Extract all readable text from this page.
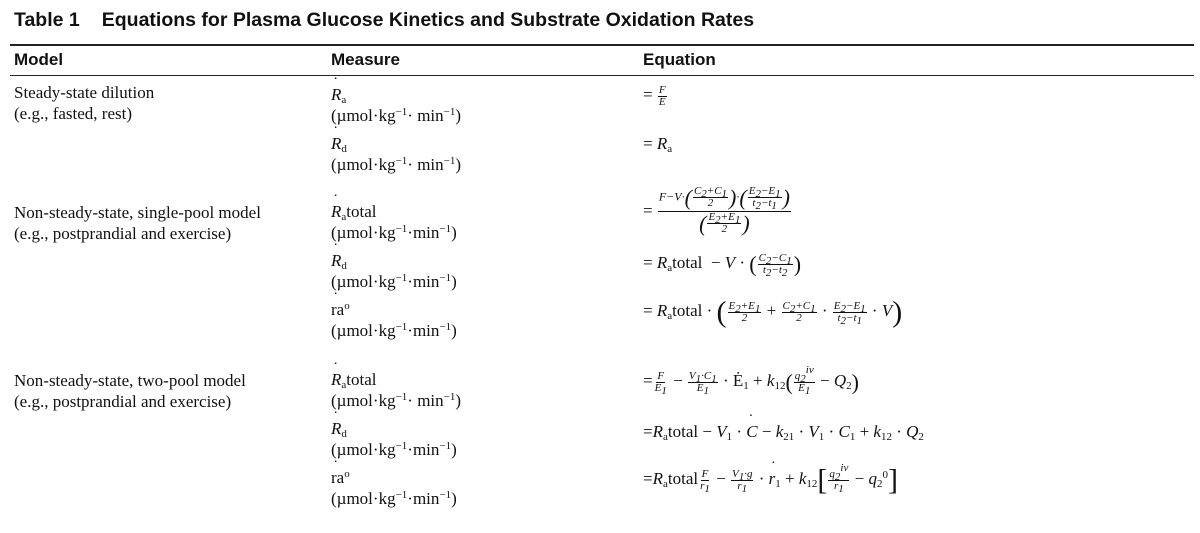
Table 1 Equations for Plasma Glucose Kinetics and Substrate Oxidation Rates
Model	Measure	Equation
Steady-state dilution
(e.g., fasted, rest)
Non-steady-state, single-pool model
(e.g., postprandial and exercise)
Non-steady-state, two-pool model
(e.g., postprandial and exercise)
˙ $R_a$
$(\mu mol\cdot kg^{-1}\cdot \min^{-1})$
˙ $R_d$
$(\mu mol\cdot kg^{-1}\cdot \min^{-1})$
˙ $R_atotal$
$(\mu mol\cdot kg^{-1}\cdot\min^{-1})$
˙ $R_d$
$(\mu mol\cdot kg^{-1}\cdot\min^{-1})$
˙ $ra^o$
$(\mu mol\cdot kg^{-1}\cdot\min^{-1})$
˙ $R_atotal$
$(\mu mol\cdot kg^{-1}\cdot \min^{-1})$
˙ $R_d$
$(\mu mol\cdot kg^{-1}\cdot\min^{-1})$
˙ $ra^o$
$(\mu mol\cdot kg^{-1}\cdot\min^{-1})$
= $\frac{F}{E}$
= $R_a$
= $\frac{F-V\cdot( \frac{C_2+C_1}{2} )\cdot( \frac{E_2-E_1}{t_2-t_1} )}{( \frac{E_2+E_1}{2} )}$
= $R_atotal - V$ · ( $\frac{C_2-C_1}{t_2-t_2}$ )
= $R_atotal$ · ( $\frac{E_2+E_1}{2} + \frac{C_2+C_1}{2} \cdot \frac{E_2-E_1}{t_2-t_1} \cdot V$)
= $\frac{F}{E_1} - \frac{V_1\cdot C_1}{E_1}$ · $Ė_1 + k_{12}( \frac{q_2^{iv}}{E_1} - Q_2)$
$=R_atotal - V_1$ · ˙ $C - k_{21} \cdot V_1 \cdot C_1 + k_{12} \cdot Q_2$
$=R_atotal \frac{F}{r_1} - \frac{V_1\cdot g}{r_1}$ · ˙ $r_1 + k_{12}[ \frac{q_2^{iv}}{r_1} - q_2^0]$
